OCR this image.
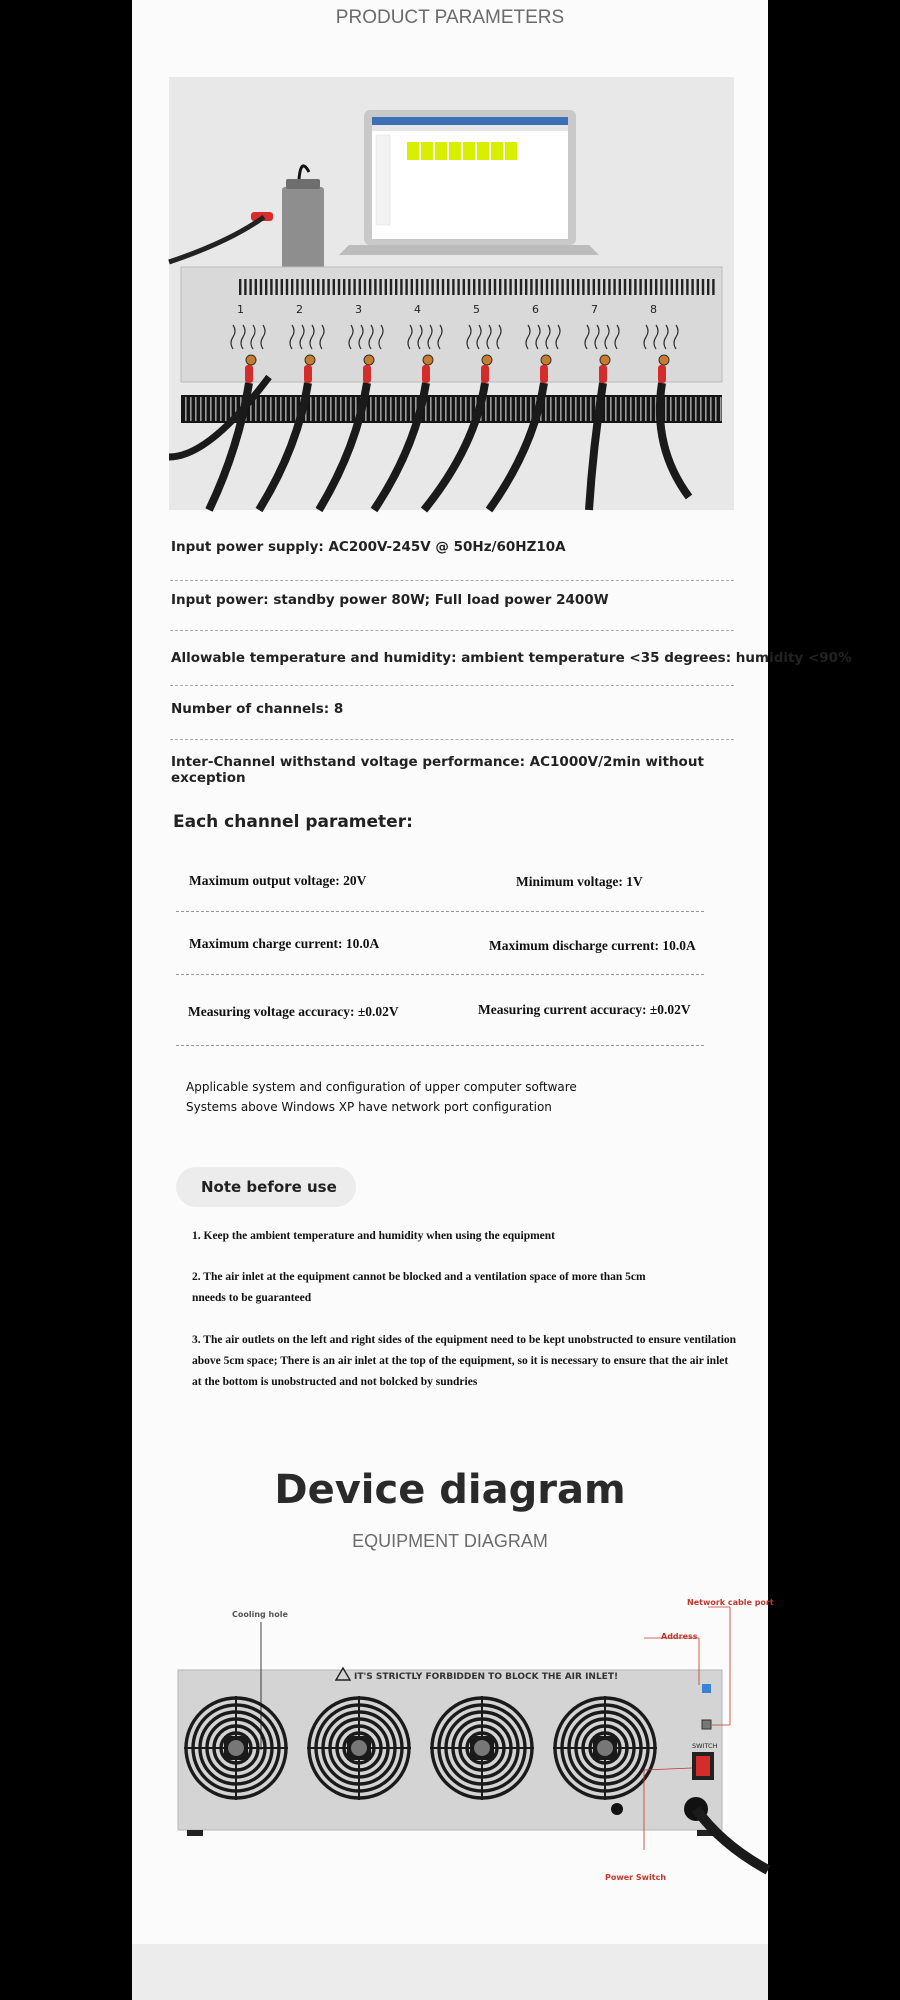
PRODUCT PARAMETERS
1	2	3	4	5	6	7	8
Input power supply: AC200V-245V @ 50Hz/60HZ10A
Input power: standby power 80W; Full load power 2400W
Allowable temperature and humidity: ambient temperature <35 degrees: humidity <90%
Number of channels: 8
Inter-Channel withstand voltage performance: AC1000V/2min without exception
Each channel parameter:
Maximum output voltage: 20V	Minimum voltage: 1V
Maximum charge current: 10.0A	Maximum discharge current: 10.0A
Measuring voltage accuracy: ±0.02V	Measuring current accuracy: ±0.02V
Applicable system and configuration of upper computer software
Systems above Windows XP have network port configuration
Note before use
1. Keep the ambient temperature and humidity when using the equipment
2. The air inlet at the equipment cannot be blocked and a ventilation space of more than 5cm
nneeds to be guaranteed
3. The air outlets on the left and right sides of the equipment need to be kept unobstructed to ensure ventilation
above 5cm space; There is an air inlet at the top of the equipment, so it is necessary to ensure that the air inlet
at the bottom is unobstructed and not bolcked by sundries
Device diagram
EQUIPMENT DIAGRAM
IT'S STRICTLY FORBIDDEN TO BLOCK THE AIR INLET!
SWITCH
Cooling hole
Address
Network cable port
Power Switch
